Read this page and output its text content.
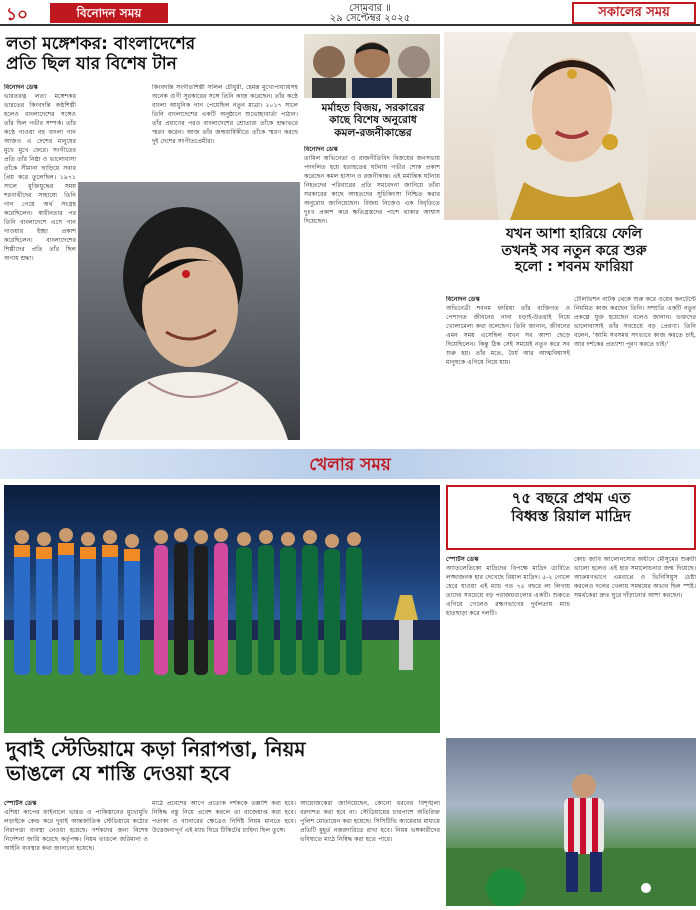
১০	বিনোদন সময়	সোমবার ॥
২৯ সেপ্টেম্বর ২০২৫	সকালের সময়
লতা মঙ্গেশকর: বাংলাদেশের
প্রতি ছিল যার বিশেষ টান
বিনোদন ডেস্ক
ভারতরত্ন লতা মঙ্গেশকর ভারতের কিংবদন্তি কণ্ঠশিল্পী হলেও বাংলাদেশের সঙ্গেও তাঁর ছিল গভীর সম্পর্ক। তাঁর কণ্ঠে গাওয়া বহু বাংলা গান আজও এ দেশের মানুষের মুখে মুখে ফেরে। সংগীতের প্রতি তাঁর নিষ্ঠা ও ভালোবাসা তাঁকে সীমানা ছাড়িয়ে সবার প্রিয় করে তুলেছিল। ১৯৭১ সালে মুক্তিযুদ্ধের সময় শরণার্থীদের সাহায্যে তিনি গান গেয়ে অর্থ সংগ্রহ করেছিলেন। স্বাধীনতার পর তিনি বাংলাদেশে এসে গান গাওয়ার ইচ্ছা প্রকাশ করেছিলেন। বাংলাদেশের শিল্পীদের প্রতি তাঁর ছিল অগাধ শ্রদ্ধা।
কিংবদন্তি সংগীতশিল্পী সলিল চৌধুরী, হেমন্ত মুখোপাধ্যায়সহ অনেক গুণী সুরকারের সঙ্গে তিনি কাজ করেছেন। তাঁর কণ্ঠে বাংলা আধুনিক গান পেয়েছিল নতুন মাত্রা। ২০১৭ সালে তিনি বাংলাদেশের একটি অনুষ্ঠানে শুভেচ্ছাবার্তা পাঠান। তাঁর প্রয়াণের পরও বাংলাদেশের শ্রোতারা তাঁকে শ্রদ্ধাভরে স্মরণ করেন। আজ তাঁর জন্মবার্ষিকীতে তাঁকে স্মরণ করছে দুই দেশের সংগীতপ্রেমীরা।
মর্মাহত বিজয়, সরকারের
কাছে বিশেষ অনুরোধ
কমল-রজনীকান্তের
বিনোদন ডেস্ক
তামিল অভিনেতা ও রাজনীতিবিদ বিজয়ের জনসভায় পদদলিত হয়ে হতাহতের ঘটনায় গভীর শোক প্রকাশ করেছেন কমল হাসান ও রজনীকান্ত। এই মর্মান্তিক ঘটনায় নিহতদের পরিবারের প্রতি সমবেদনা জানিয়ে তাঁরা সরকারের কাছে আহতদের সুচিকিৎসা নিশ্চিত করার অনুরোধ জানিয়েছেন। বিজয় নিজেও এক বিবৃতিতে দুঃখ প্রকাশ করে ক্ষতিগ্রস্তদের পাশে থাকার আশ্বাস দিয়েছেন।
যখন আশা হারিয়ে ফেলি
তখনই সব নতুন করে শুরু
হলো : শবনম ফারিয়া
বিনোদন ডেস্ক
অভিনেত্রী শবনম ফারিয়া তাঁর ব্যক্তিগত ও পেশাগত জীবনের নানা চড়াই-উতরাই নিয়ে খোলামেলা কথা বলেছেন। তিনি জানান, জীবনের এমন সময় এসেছিল যখন সব আশা ছেড়ে দিয়েছিলেন। কিন্তু ঠিক সেই সময়েই নতুন করে সব শুরু হয়। তাঁর মতে, ধৈর্য আর আত্মবিশ্বাসই মানুষকে এগিয়ে নিয়ে যায়।
টেলিভিশন নাটক থেকে শুরু করে ওয়েব কনটেন্টে নিয়মিত কাজ করছেন তিনি। সম্প্রতি একটি নতুন প্রকল্পে যুক্ত হয়েছেন বলেও জানান। ভক্তদের ভালোবাসাই তাঁর সবচেয়ে বড় প্রেরণা। তিনি বলেন, 'আমি সবসময় সৎভাবে কাজ করতে চাই, আর দর্শকের প্রত্যাশা পূরণ করতে চাই।'
খেলার সময়
দুবাই স্টেডিয়ামে কড়া নিরাপত্তা, নিয়ম
ভাঙলে যে শাস্তি দেওয়া হবে
স্পোর্টস ডেস্ক
এশিয়া কাপের ফাইনালে ভারত ও পাকিস্তানের মুখোমুখি লড়াইকে কেন্দ্র করে দুবাই আন্তর্জাতিক স্টেডিয়ামে কঠোর নিরাপত্তা ব্যবস্থা নেওয়া হয়েছে। দর্শকদের জন্য বিশেষ নির্দেশনা জারি করেছে কর্তৃপক্ষ। নিয়ম ভাঙলে জরিমানা ও আইনি ব্যবস্থার কথা জানানো হয়েছে।
মাঠে প্রবেশের আগে প্রত্যেক দর্শককে তল্লাশি করা হবে। নিষিদ্ধ বস্তু নিয়ে প্রবেশ করলে তা বাজেয়াপ্ত করা হবে। পতাকা ও ব্যানারের ক্ষেত্রেও নির্দিষ্ট নিয়ম মানতে হবে। উত্তেজনাপূর্ণ এই ম্যাচ ঘিরে টিকিটের চাহিদা ছিল তুঙ্গে।
আয়োজকেরা জানিয়েছেন, কোনো ধরনের বিশৃঙ্খলা বরদাশত করা হবে না। স্টেডিয়ামের চারপাশে অতিরিক্ত পুলিশ মোতায়েন করা হয়েছে। সিসিটিভি ক্যামেরার মাধ্যমে প্রতিটি মুহূর্ত নজরদারিতে রাখা হবে। নিয়ম ভঙ্গকারীদের ভবিষ্যতে মাঠে নিষিদ্ধ করা হতে পারে।
৭৫ বছরে প্রথম এত
বিধ্বস্ত রিয়াল মাদ্রিদ
স্পোর্টস ডেস্ক
অ্যাতলেতিকো মাদ্রিদের বিপক্ষে মাদ্রিদ ডার্বিতে লজ্জাজনক হার দেখেছে রিয়াল মাদ্রিদ। ৫-২ গোলে হেরে যাওয়া এই ম্যাচ গত ৭৫ বছরে লা লিগায় তাদের সবচেয়ে বড় পরাজয়গুলোর একটি। শুরুতে এগিয়ে গেলেও রক্ষণভাগের দুর্বলতায় ম্যাচ হাতছাড়া করে দলটি।
কোচ জাবি আলোনসোর অধীনে মৌসুমের শুরুটা ভালো হলেও এই হার সমালোচনার জন্ম দিয়েছে। আক্রমণভাগে এমবাপ্পে ও ভিনিসিয়ুস চেষ্টা করলেও দলের খেলায় সমন্বয়ের অভাব ছিল স্পষ্ট। সমর্থকেরা দ্রুত ঘুরে দাঁড়ানোর আশা করছেন।
